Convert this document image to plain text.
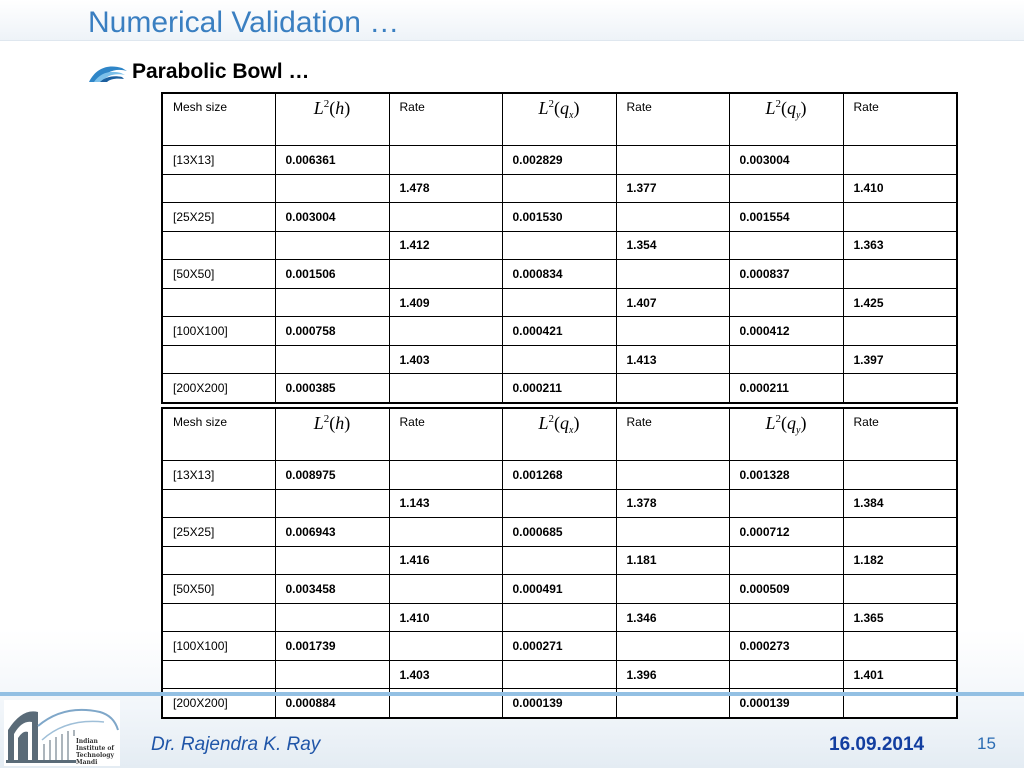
Numerical Validation …
Parabolic Bowl …
Mesh size	$L^2(h)$	Rate	$L^2(q_x)$	Rate	$L^2(q_y)$	Rate
[13X13]	0.006361		0.002829		0.003004	
		1.478		1.377		1.410
[25X25]	0.003004		0.001530		0.001554	
		1.412		1.354		1.363
[50X50]	0.001506		0.000834		0.000837	
		1.409		1.407		1.425
[100X100]	0.000758		0.000421		0.000412	
		1.403		1.413		1.397
[200X200]	0.000385		0.000211		0.000211	
Mesh size	$L^2(h)$	Rate	$L^2(q_x)$	Rate	$L^2(q_y)$	Rate
[13X13]	0.008975		0.001268		0.001328	
		1.143		1.378		1.384
[25X25]	0.006943		0.000685		0.000712	
		1.416		1.181		1.182
[50X50]	0.003458		0.000491		0.000509	
		1.410		1.346		1.365
[100X100]	0.001739		0.000271		0.000273	
		1.403		1.396		1.401
[200X200]	0.000884		0.000139		0.000139	
Indian
Institute of
Technology
Mandi

Dr. Rajendra K. Ray	16.09.2014	15
